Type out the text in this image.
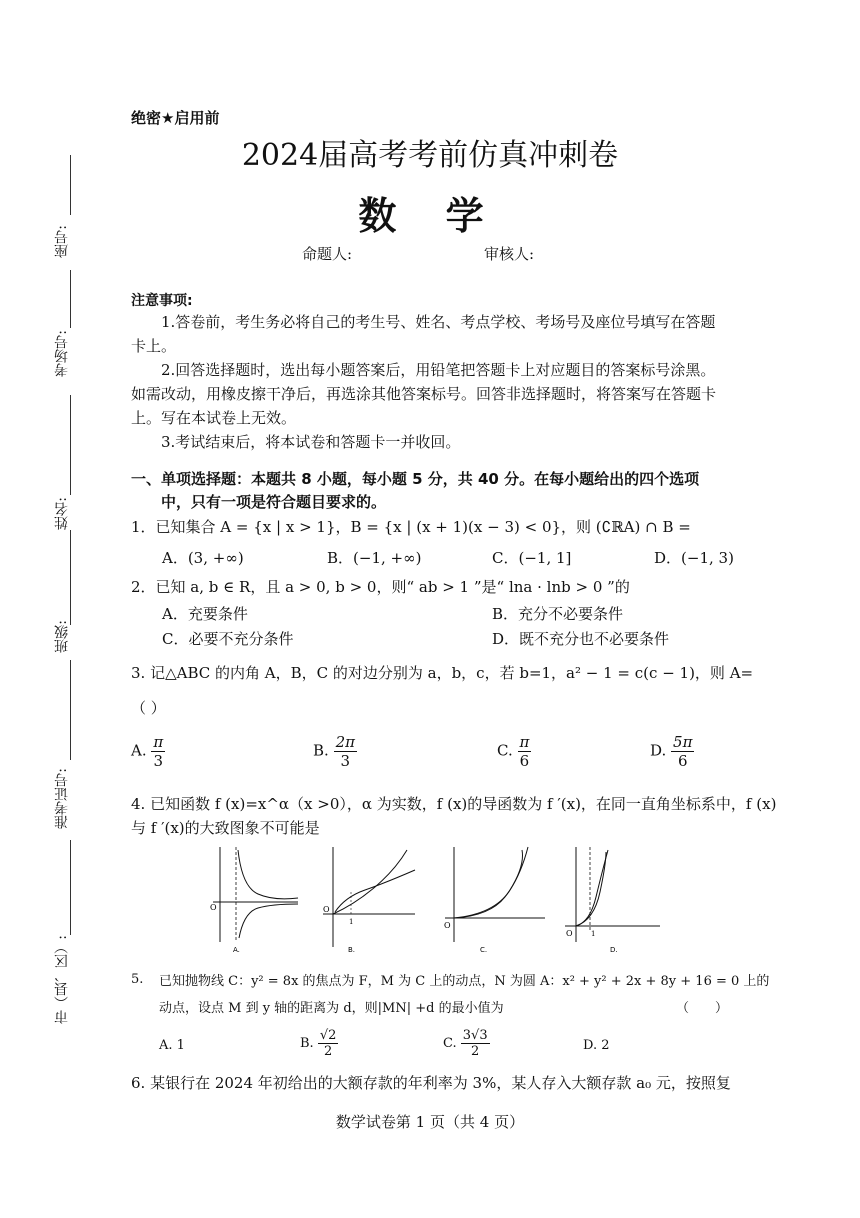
座号:
考场号:
姓名:
班级:
准考证号:
市（县、区）:
绝密★启用前
2024届高考考前仿真冲刺卷
数 学
命题人:	审核人:
注意事项:
1.答卷前，考生务必将自己的考生号、姓名、考点学校、考场号及座位号填写在答题卡上。
2.回答选择题时，选出每小题答案后，用铅笔把答题卡上对应题目的答案标号涂黑。如需改动，用橡皮擦干净后，再选涂其他答案标号。回答非选择题时，将答案写在答题卡上。写在本试卷上无效。
3.考试结束后，将本试卷和答题卡一并收回。
一、单项选择题：本题共 8 小题，每小题 5 分，共 40 分。在每小题给出的四个选项
中，只有一项是符合题目要求的。
1．已知集合 A = {x | x > 1}，B = {x | (x + 1)(x − 3) < 0}，则 (∁ℝA) ∩ B =
A．(3, +∞)	B．(−1, +∞)	C．(−1, 1]	D．(−1, 3)
2．已知 a, b ∈ R，且 a > 0, b > 0，则“ ab > 1 ”是“ lna · lnb > 0 ”的
A．充要条件	B．充分不必要条件
C．必要不充分条件	D．既不充分也不必要条件
3. 记△ABC 的内角 A，B，C 的对边分别为 a，b，c，若 b=1，a² − 1 = c(c − 1)，则 A=
（ ）
A. $\frac{\pi}{3}$	B. $\frac{2\pi}{3}$	C. $\frac{\pi}{6}$	D. $\frac{5\pi}{6}$
4. 已知函数 f (x)=x^α（x >0），α 为实数，f (x)的导函数为 f ′(x)，在同一直角坐标系中，f (x)
与 f ′(x)的大致图象不可能是
O
A.
O
1
B.
O
C.
O	1
D.
5. 已知抛物线 C：y² = 8x 的焦点为 F，M 为 C 上的动点，N 为圆 A：x² + y² + 2x + 8y + 16 = 0 上的
动点，设点 M 到 y 轴的距离为 d，则|MN| +d 的最小值为	（　　）
A. 1	B. $\frac{√2}{2}$	C. $\frac{3√3}{2}$	D. 2
6. 某银行在 2024 年初给出的大额存款的年利率为 3%，某人存入大额存款 a₀ 元，按照复
数学试卷第 1 页（共 4 页）
